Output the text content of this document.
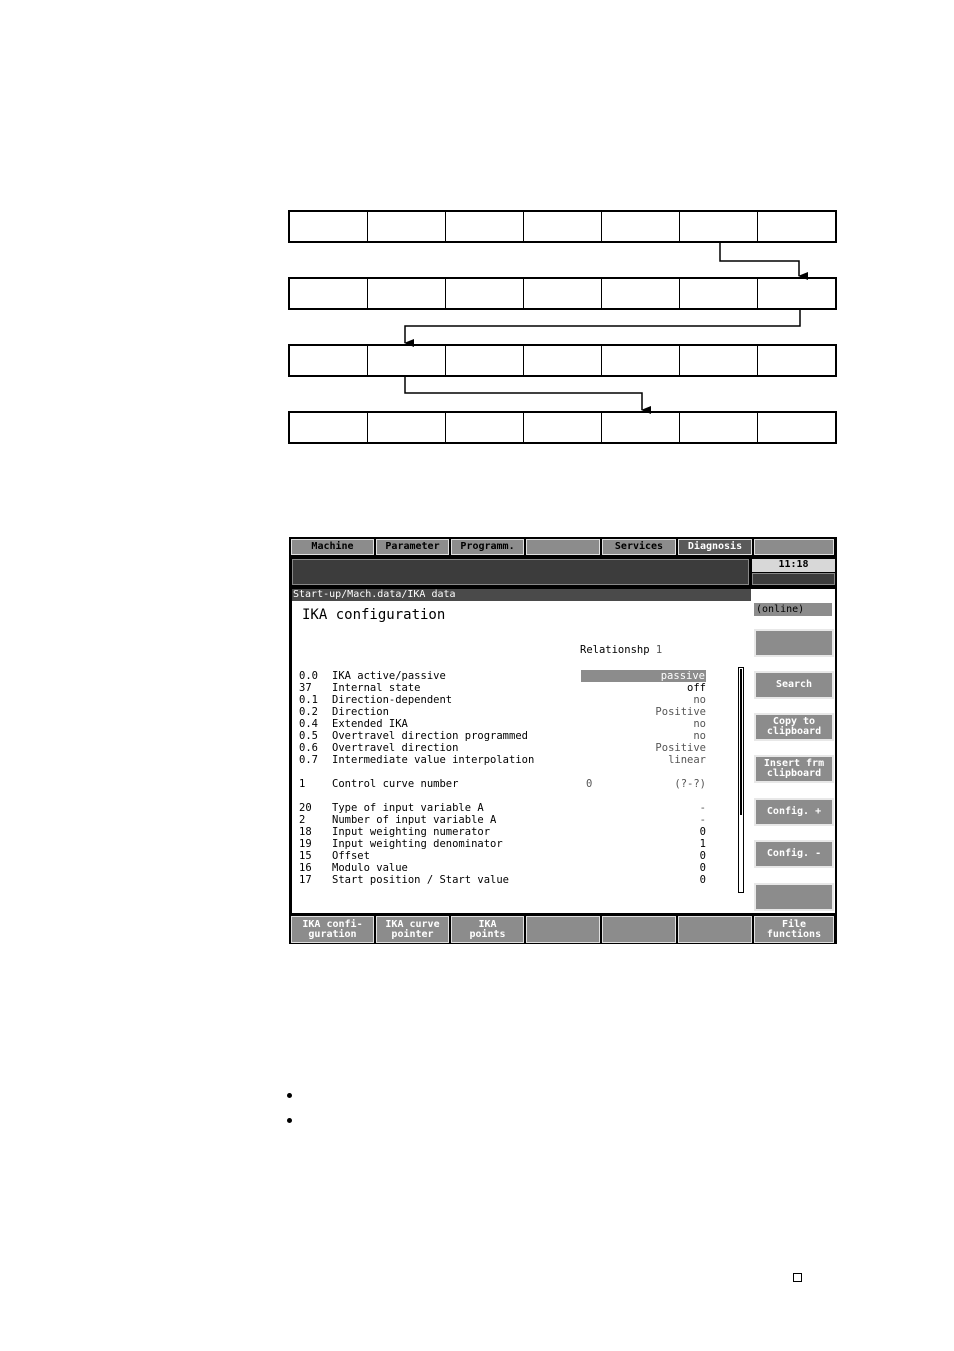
Machine	Parameter	Programm.	Services	Diagnosis
11:18
Start-up/Mach.data/IKA data
IKA configuration	(online)
Relationshp 1
0.0	IKA active/passive	passive
37	Internal state	off
0.1	Direction-dependent	no
0.2	Direction	Positive
0.4	Extended IKA	no
0.5	Overtravel direction programmed	no
0.6	Overtravel direction	Positive
0.7	Intermediate value interpolation	linear
1	Control curve number	0	(?-?)
20	Type of input variable A	-
2	Number of input variable A	-
18	Input weighting numerator	0
19	Input weighting denominator	1
15	Offset	0
16	Modulo value	0
17	Start position / Start value	0
Search
Copy to
clipboard
Insert frm
clipboard
Config. +
Config. -
IKA confi-
guration
IKA curve
pointer
IKA
points
File
functions
